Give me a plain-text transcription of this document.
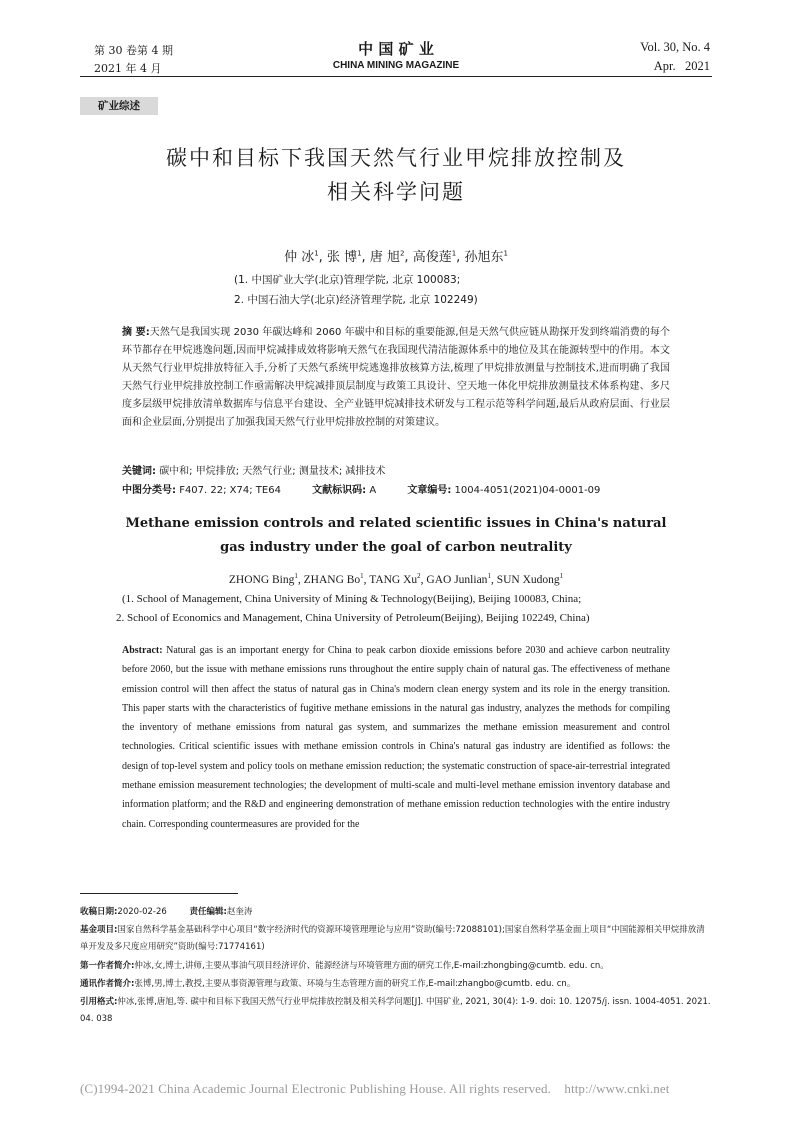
第 30 卷第 4 期
2021 年 4 月
中 国 矿 业
CHINA MINING MAGAZINE
Vol. 30, No. 4
Apr.   2021
矿业综述
碳中和目标下我国天然气行业甲烷排放控制及
相关科学问题
仲 冰$^1$, 张 博$^1$, 唐 旭$^2$, 高俊莲$^1$, 孙旭东$^1$
(1. 中国矿业大学(北京)管理学院, 北京 100083;
2. 中国石油大学(北京)经济管理学院, 北京 102249)
摘 要:天然气是我国实现 2030 年碳达峰和 2060 年碳中和目标的重要能源,但是天然气供应链从勘探开发到终端消费的每个环节都存在甲烷逃逸问题,因而甲烷减排成效将影响天然气在我国现代清洁能源体系中的地位及其在能源转型中的作用。本文从天然气行业甲烷排放特征入手,分析了天然气系统甲烷逃逸排放核算方法,梳理了甲烷排放测量与控制技术,进而明确了我国天然气行业甲烷排放控制工作亟需解决甲烷减排顶层制度与政策工具设计、空天地一体化甲烷排放测量技术体系构建、多尺度多层级甲烷排放清单数据库与信息平台建设、全产业链甲烷减排技术研发与工程示范等科学问题,最后从政府层面、行业层面和企业层面,分别提出了加强我国天然气行业甲烷排放控制的对策建议。
关键词: 碳中和; 甲烷排放; 天然气行业; 测量技术; 减排技术
中图分类号: F407. 22; X74; TE64	文献标识码: A	文章编号: 1004-4051(2021)04-0001-09
Methane emission controls and related scientific issues in China's natural
gas industry under the goal of carbon neutrality
ZHONG Bing$^1$, ZHANG Bo$^1$, TANG Xu$^2$, GAO Junlian$^1$, SUN Xudong$^1$
(1. School of Management, China University of Mining & Technology(Beijing), Beijing 100083, China;
2. School of Economics and Management, China University of Petroleum(Beijing), Beijing 102249, China)
Abstract: Natural gas is an important energy for China to peak carbon dioxide emissions before 2030 and achieve carbon neutrality before 2060, but the issue with methane emissions runs throughout the entire supply chain of natural gas. The effectiveness of methane emission control will then affect the status of natural gas in China's modern clean energy system and its role in the energy transition. This paper starts with the characteristics of fugitive methane emissions in the natural gas industry, analyzes the methods for compiling the inventory of methane emissions from natural gas system, and summarizes the methane emission measurement and control technologies. Critical scientific issues with methane emission controls in China's natural gas industry are identified as follows: the design of top-level system and policy tools on methane emission reduction; the systematic construction of space-air-terrestrial integrated methane emission measurement technologies; the development of multi-scale and multi-level methane emission inventory database and information platform; and the R&D and engineering demonstration of methane emission reduction technologies with the entire industry chain. Corresponding countermeasures are provided for the
收稿日期:2020-02-26	责任编辑:赵奎涛
基金项目:国家自然科学基金基础科学中心项目“数字经济时代的资源环境管理理论与应用”资助(编号:72088101);国家自然科学基金面上项目“中国能源相关甲烷排放清单开发及多尺度应用研究”资助(编号:71774161)
第一作者简介:仲冰,女,博士,讲师,主要从事油气项目经济评价、能源经济与环境管理方面的研究工作,E-mail:zhongbing@cumtb. edu. cn。
通讯作者简介:张博,男,博士,教授,主要从事资源管理与政策、环境与生态管理方面的研究工作,E-mail:zhangbo@cumtb. edu. cn。
引用格式:仲冰,张博,唐旭,等. 碳中和目标下我国天然气行业甲烷排放控制及相关科学问题[J]. 中国矿业, 2021, 30(4): 1-9. doi: 10. 12075/j. issn. 1004-4051. 2021. 04. 038
(C)1994-2021 China Academic Journal Electronic Publishing House. All rights reserved.    http://www.cnki.net
